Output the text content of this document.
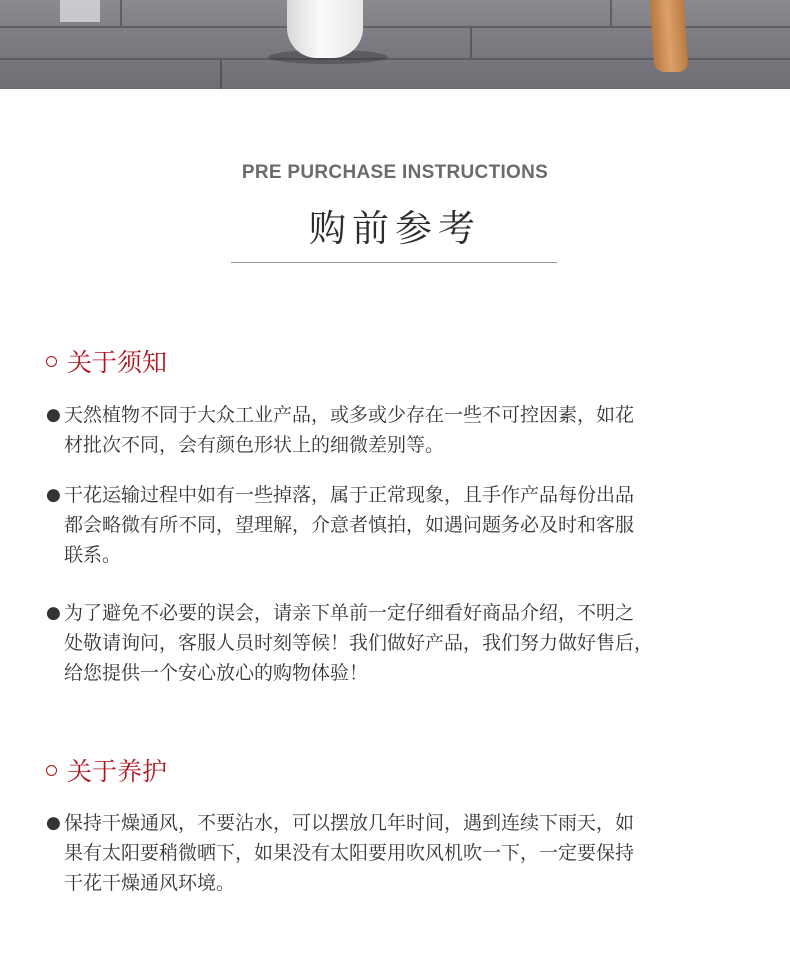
PRE PURCHASE INSTRUCTIONS
购前参考
关于须知
● 天然植物不同于大众工业产品，或多或少存在一些不可控因素，如花
材批次不同，会有颜色形状上的细微差别等。
● 干花运输过程中如有一些掉落，属于正常现象，且手作产品每份出品
都会略微有所不同，望理解，介意者慎拍，如遇问题务必及时和客服
联系。
● 为了避免不必要的误会，请亲下单前一定仔细看好商品介绍，不明之
处敬请询问，客服人员时刻等候！我们做好产品，我们努力做好售后，
给您提供一个安心放心的购物体验！
关于养护
● 保持干燥通风，不要沾水，可以摆放几年时间，遇到连续下雨天，如
果有太阳要稍微晒下，如果没有太阳要用吹风机吹一下，一定要保持
干花干燥通风环境。
